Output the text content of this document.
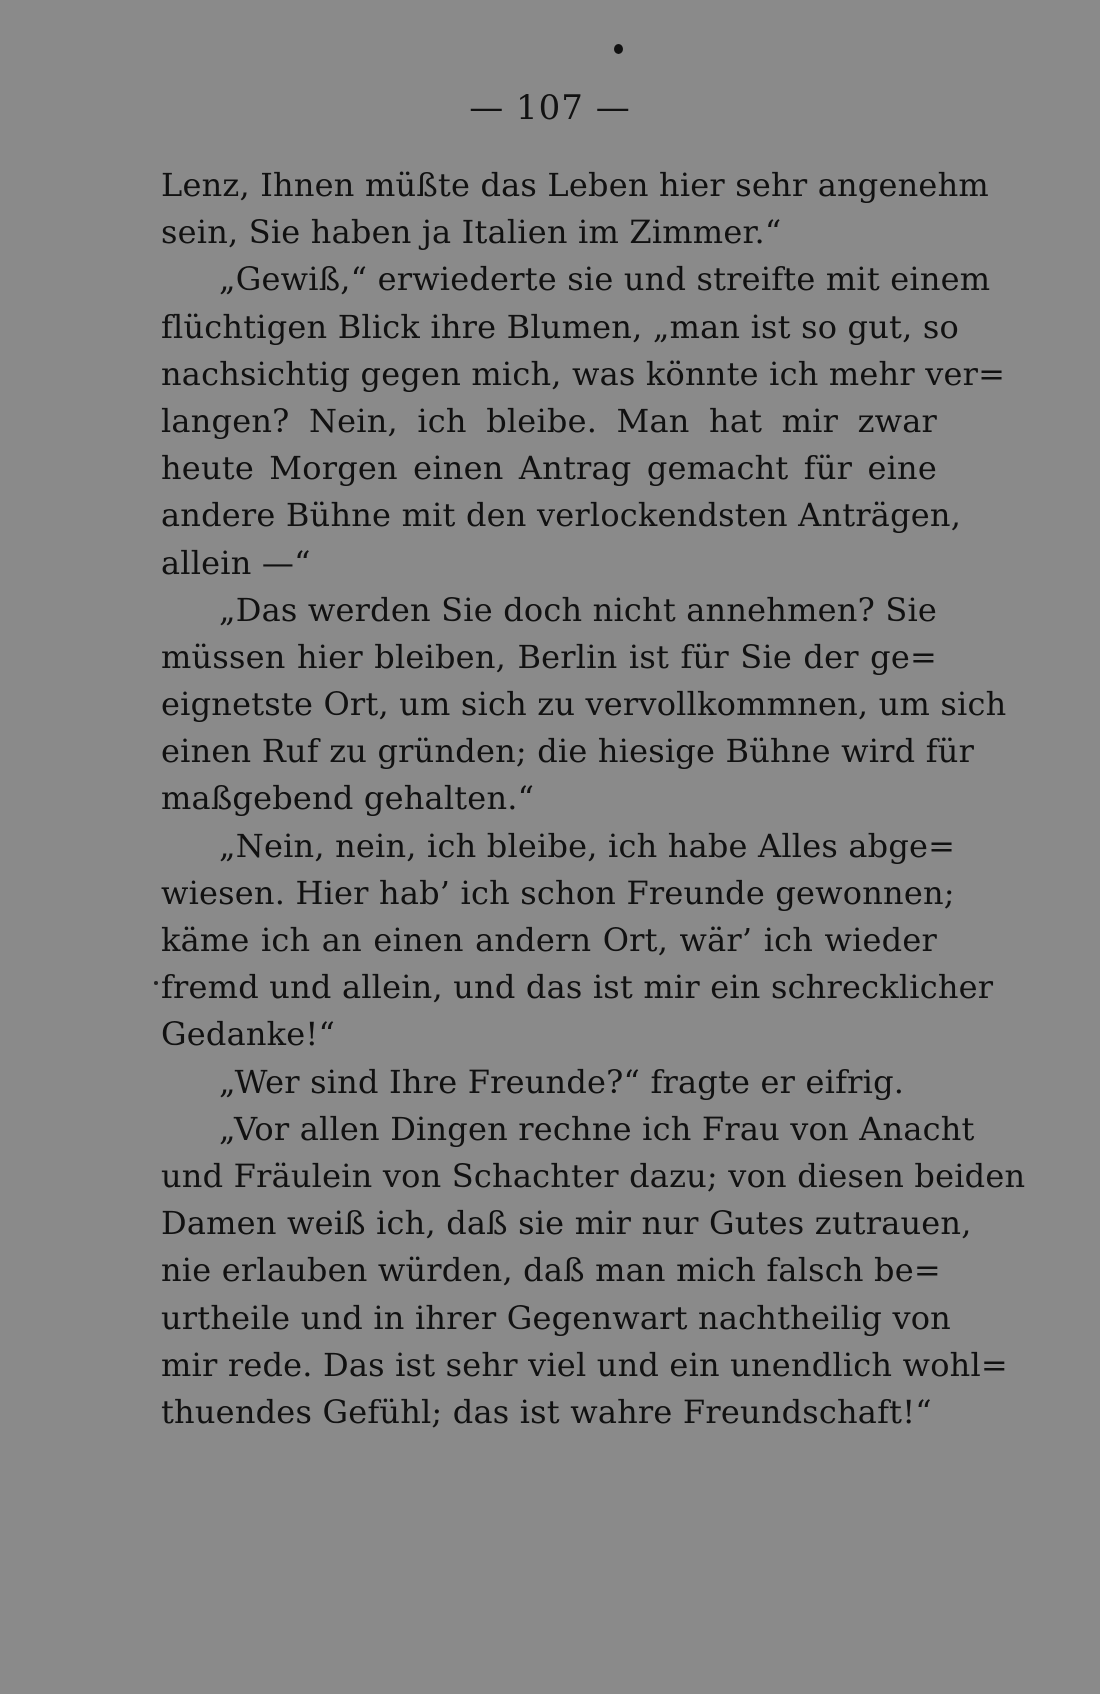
— 107 —
Lenz, Ihnen müßte das Leben hier sehr angenehm
sein, Sie haben ja Italien im Zimmer.“
„Gewiß,“ erwiederte sie und streifte mit einem
flüchtigen Blick ihre Blumen, „man ist so gut, so
nachsichtig gegen mich, was könnte ich mehr ver=
langen? Nein, ich bleibe. Man hat mir zwar
heute Morgen einen Antrag gemacht für eine
andere Bühne mit den verlockendsten Anträgen,
allein —“
„Das werden Sie doch nicht annehmen? Sie
müssen hier bleiben, Berlin ist für Sie der ge=
eignetste Ort, um sich zu vervollkommnen, um sich
einen Ruf zu gründen; die hiesige Bühne wird für
maßgebend gehalten.“
„Nein, nein, ich bleibe, ich habe Alles abge=
wiesen. Hier hab’ ich schon Freunde gewonnen;
käme ich an einen andern Ort, wär’ ich wieder
fremd und allein, und das ist mir ein schrecklicher
Gedanke!“
„Wer sind Ihre Freunde?“ fragte er eifrig.
„Vor allen Dingen rechne ich Frau von Anacht
und Fräulein von Schachter dazu; von diesen beiden
Damen weiß ich, daß sie mir nur Gutes zutrauen,
nie erlauben würden, daß man mich falsch be=
urtheile und in ihrer Gegenwart nachtheilig von
mir rede. Das ist sehr viel und ein unendlich wohl=
thuendes Gefühl; das ist wahre Freundschaft!“
